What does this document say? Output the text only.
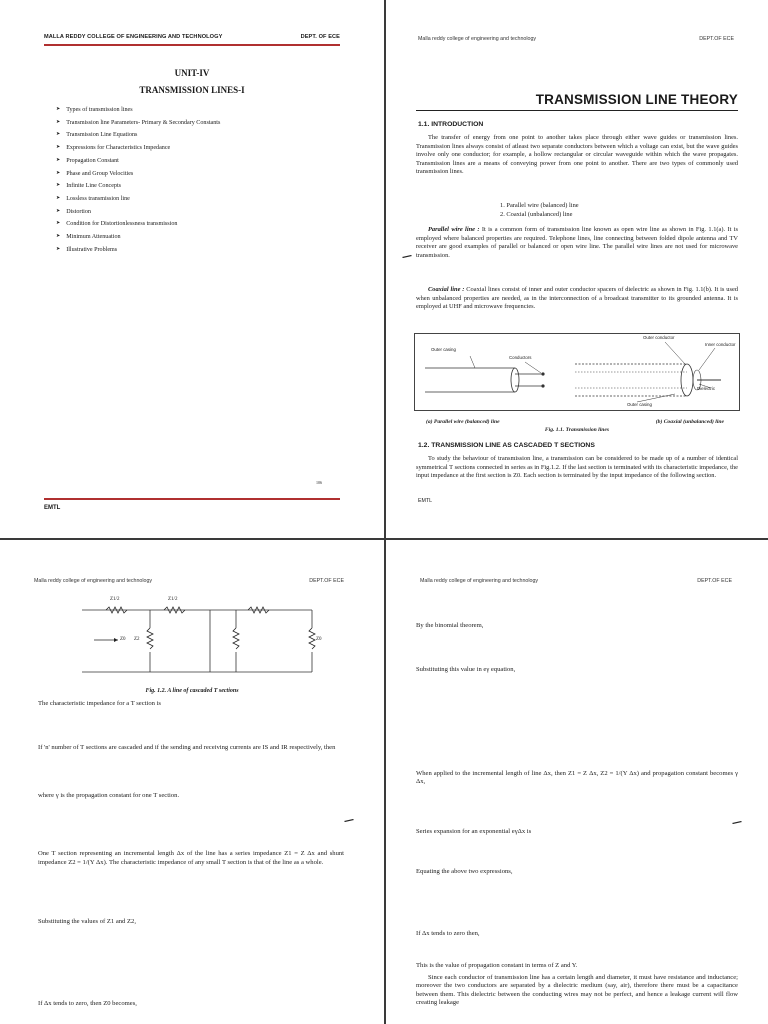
MALLA REDDY COLLEGE OF ENGINEERING AND TECHNOLOGY	DEPT. OF ECE
UNIT-IV
TRANSMISSION LINES-I
➤ Types of transmission lines
➤ Transmission line Parameters- Primary & Secondary Constants
➤ Transmission Line Equations
➤ Expressions for Characteristics Impedance
➤ Propagation Constant
➤ Phase and Group Velocities
➤ Infinite Line Concepts
➤ Lossless transmission line
➤ Distortion
➤ Condition for Distortionlessness transmission
➤ Minimum Attenuation
➤ Illustrative Problems
106
EMTL
Malla reddy college of engineering and technology	DEPT.OF ECE
TRANSMISSION LINE THEORY
1.1. INTRODUCTION
The transfer of energy from one point to another takes place through either wave guides or transmission lines. Transmission lines always consist of atleast two separate conductors between which a voltage can exist, but the wave guides involve only one conductor; for example, a hollow rectangular or circular waveguide within which the wave propagates. Transmission lines are a means of conveying power from one point to another. There are two types of commonly used transmission lines.
1. Parallel wire (balanced) line
2. Coaxial (unbalanced) line
Parallel wire line : It is a common form of transmission line known as open wire line as shown in Fig. 1.1(a). It is employed where balanced properties are required. Telephone lines, line connecting between folded dipole antenna and TV receiver are good examples of parallel or balanced or open wire line. The parallel wire lines are not used for microwave transmission.
Coaxial line : Coaxial lines consist of inner and outer conductor spacers of dielectric as shown in Fig. 1.1(b). It is used when unbalanced properties are needed, as in the interconnection of a broadcast transmitter to its grounded antenna. It is employed at UHF and microwave frequencies.
Outer casing
Conductors
Outer conductor
Inner conductor
Dielectric
Outer casing
(a) Parallel wire (balanced) line	(b) Coaxial (unbalanced) line
Fig. 1.1. Transmission lines
1.2. TRANSMISSION LINE AS CASCADED T SECTIONS
To study the behaviour of transmission line, a transmission can be considered to be made up of a number of identical symmetrical T sections connected in series as in Fig.1.2. If the last section is terminated with its characteristic impedance, the input impedance at the first section is Z0. Each section is terminated by the input impedance of the following section.
EMTL
Malla reddy college of engineering and technology	DEPT.OF ECE
Z1/2	Z1/2
Z0 Z2	Z0
Fig. 1.2. A line of cascaded T sections
The characteristic impedance for a T section is
If 'n' number of T sections are cascaded and if the sending and receiving currents are IS and IR respectively, then
where γ is the propagation constant for one T section.
One T section representing an incremental length Δx of the line has a series impedance Z1 = Z Δx and shunt impedance Z2 = 1/(Y Δx). The characteristic impedance of any small T section is that of the line as a whole.
Substituting the values of Z1 and Z2,
If Δx tends to zero, then Z0 becomes,
Malla reddy college of engineering and technology	DEPT.OF ECE
By the binomial theorem,
Substituting this value in eγ equation,
When applied to the incremental length of line Δx, then Z1 = Z Δx, Z2 = 1/(Y Δx) and propagation constant becomes γ Δx,
Series expansion for an exponential eγΔx is
Equating the above two expressions,
If Δx tends to zero then,
This is the value of propagation constant in terms of Z and Y.
Since each conductor of transmission line has a certain length and diameter, it must have resistance and inductance; moreover the two conductors are separated by a dielectric medium (say, air), therefore there must be a capacitance between them. This dielectric between the conducting wires may not be perfect, and hence a leakage current will flow creating leakage
